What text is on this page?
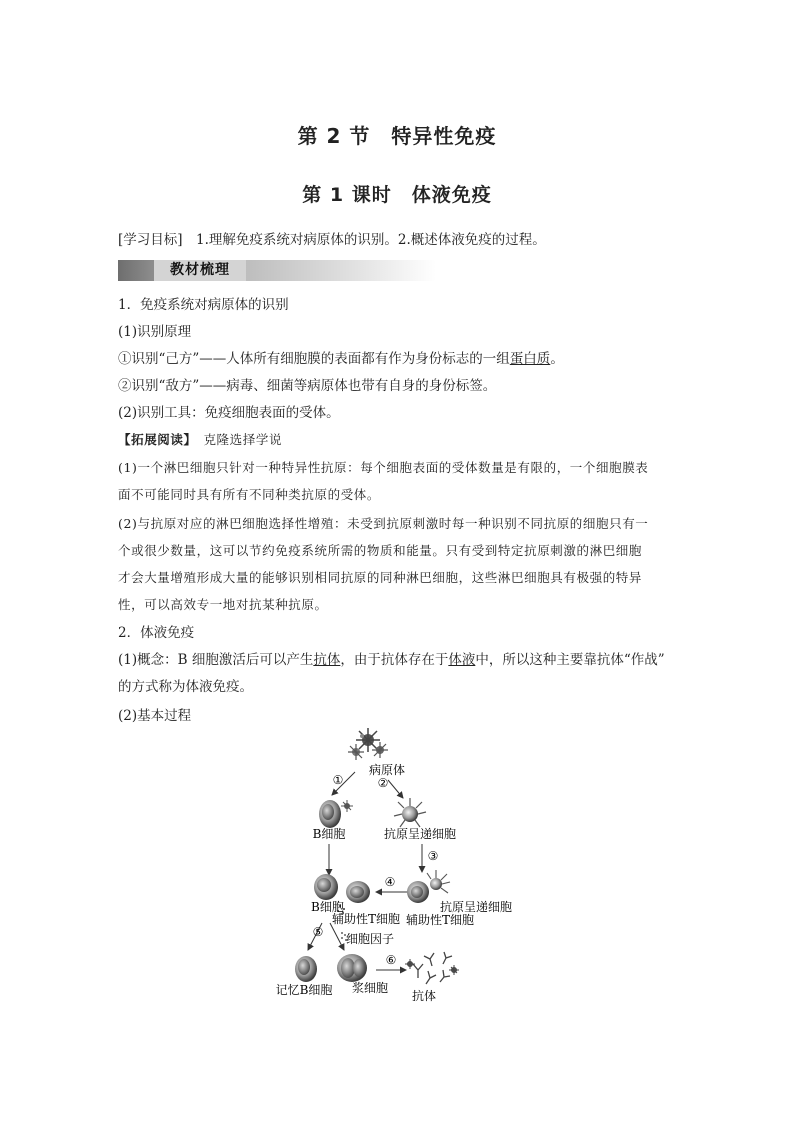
第 2 节　特异性免疫
第 1 课时　体液免疫
[学习目标]　1.理解免疫系统对病原体的识别。2.概述体液免疫的过程。
教材梳理
1．免疫系统对病原体的识别
(1)识别原理
①识别“己方”——人体所有细胞膜的表面都有作为身份标志的一组蛋白质。
②识别“敌方”——病毒、细菌等病原体也带有自身的身份标签。
(2)识别工具：免疫细胞表面的受体。
【拓展阅读】　克隆选择学说
(1)一个淋巴细胞只针对一种特异性抗原：每个细胞表面的受体数量是有限的，一个细胞膜表
面不可能同时具有所有不同种类抗原的受体。
(2)与抗原对应的淋巴细胞选择性增殖：未受到抗原刺激时每一种识别不同抗原的细胞只有一
个或很少数量，这可以节约免疫系统所需的物质和能量。只有受到特定抗原刺激的淋巴细胞
才会大量增殖形成大量的能够识别相同抗原的同种淋巴细胞，这些淋巴细胞具有极强的特异
性，可以高效专一地对抗某种抗原。
2．体液免疫
(1)概念：B 细胞激活后可以产生抗体，由于抗体存在于体液中，所以这种主要靠抗体“作战”
的方式称为体液免疫。
(2)基本过程
病原体
①	②
B细胞	抗原呈递细胞
③
B细胞
辅助性T细胞
④
抗原呈递细胞
辅助性T细胞
⑤ 细胞因子
记忆B细胞 浆细胞
⑥
抗体
